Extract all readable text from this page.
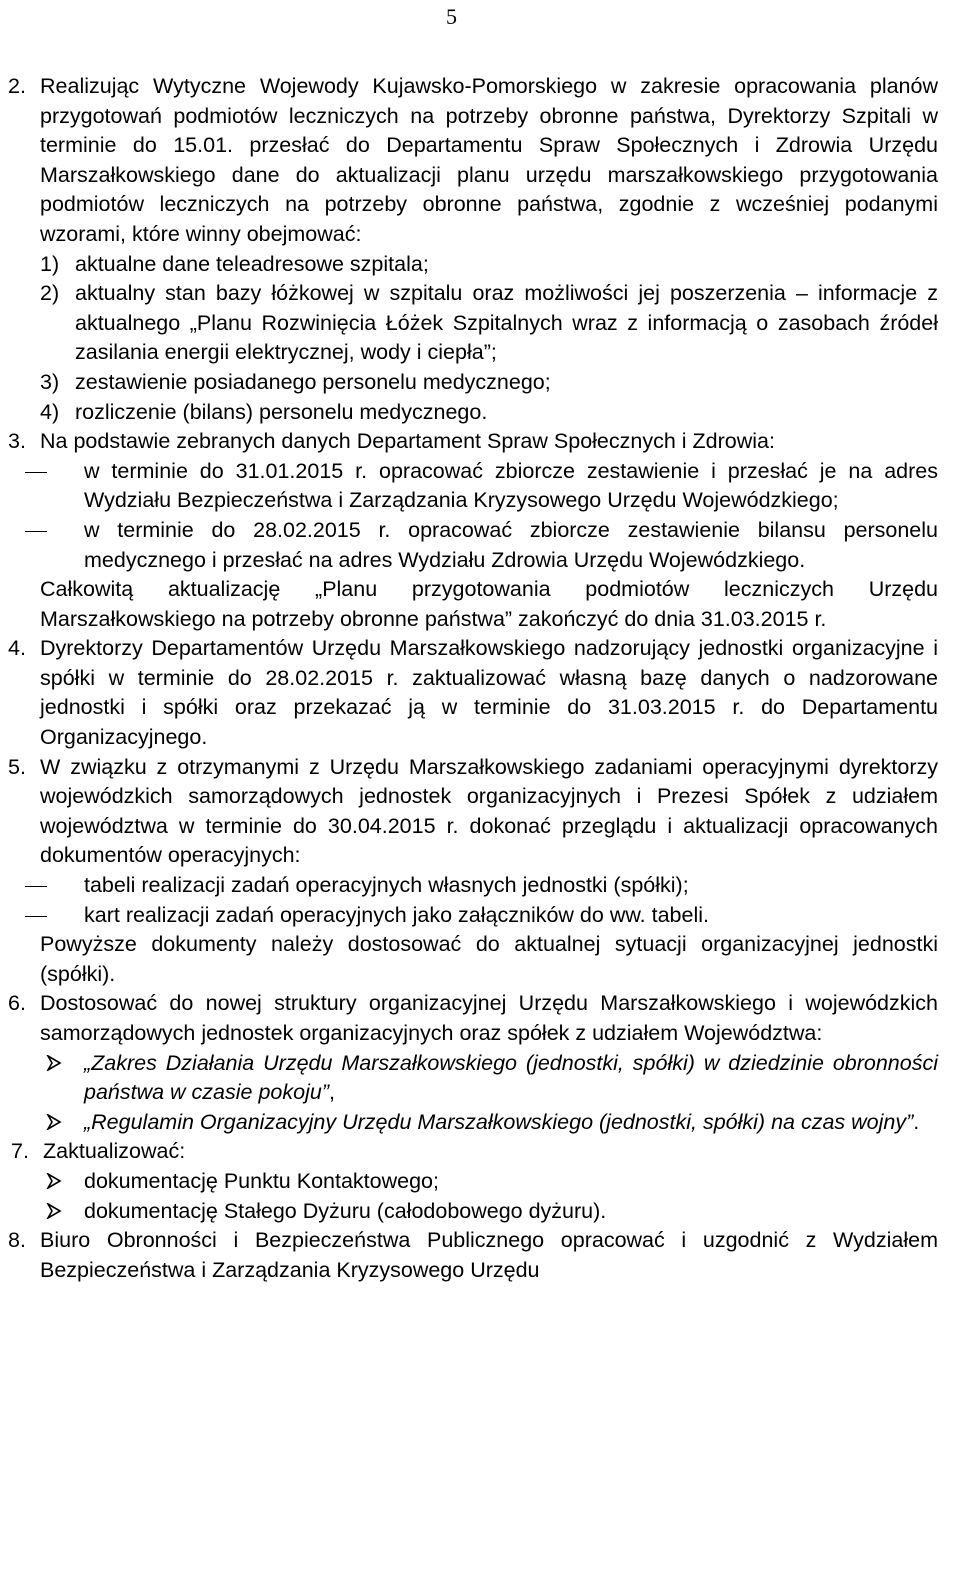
5
2. Realizując Wytyczne Wojewody Kujawsko-Pomorskiego w zakresie opracowania planów przygotowań podmiotów leczniczych na potrzeby obronne państwa, Dyrektorzy Szpitali w terminie do 15.01. przesłać do Departamentu Spraw Społecznych i Zdrowia Urzędu Marszałkowskiego dane do aktualizacji planu urzędu marszałkowskiego przygotowania podmiotów leczniczych na potrzeby obronne państwa, zgodnie z wcześniej podanymi wzorami, które winny obejmować:
1) aktualne dane teleadresowe szpitala;
2) aktualny stan bazy łóżkowej w szpitalu oraz możliwości jej poszerzenia – informacje z aktualnego „Planu Rozwinięcia Łóżek Szpitalnych wraz z informacją o zasobach źródeł zasilania energii elektrycznej, wody i ciepła”;
3) zestawienie posiadanego personelu medycznego;
4) rozliczenie (bilans) personelu medycznego.
3. Na podstawie zebranych danych Departament Spraw Społecznych i Zdrowia:
w terminie do 31.01.2015 r. opracować zbiorcze zestawienie i przesłać je na adres Wydziału Bezpieczeństwa i Zarządzania Kryzysowego Urzędu Wojewódzkiego;
w terminie do 28.02.2015 r. opracować zbiorcze zestawienie bilansu personelu medycznego i przesłać na adres Wydziału Zdrowia Urzędu Wojewódzkiego.
Całkowitą aktualizację „Planu przygotowania podmiotów leczniczych Urzędu Marszałkowskiego na potrzeby obronne państwa” zakończyć do dnia 31.03.2015 r.
4. Dyrektorzy Departamentów Urzędu Marszałkowskiego nadzorujący jednostki organizacyjne i spółki w terminie do 28.02.2015 r. zaktualizować własną bazę danych o nadzorowane jednostki i spółki oraz przekazać ją w terminie do 31.03.2015 r. do Departamentu Organizacyjnego.
5. W związku z otrzymanymi z Urzędu Marszałkowskiego zadaniami operacyjnymi dyrektorzy wojewódzkich samorządowych jednostek organizacyjnych i Prezesi Spółek z udziałem województwa w terminie do 30.04.2015 r. dokonać przeglądu i aktualizacji opracowanych dokumentów operacyjnych:
tabeli realizacji zadań operacyjnych własnych jednostki (spółki);
kart realizacji zadań operacyjnych jako załączników do ww. tabeli.
Powyższe dokumenty należy dostosować do aktualnej sytuacji organizacyjnej jednostki (spółki).
6. Dostosować do nowej struktury organizacyjnej Urzędu Marszałkowskiego i wojewódzkich samorządowych jednostek organizacyjnych oraz spółek z udziałem Województwa:
„Zakres Działania Urzędu Marszałkowskiego (jednostki, spółki) w dziedzinie obronności państwa w czasie pokoju”,
„Regulamin Organizacyjny Urzędu Marszałkowskiego (jednostki, spółki) na czas wojny”.
7. Zaktualizować:
dokumentację Punktu Kontaktowego;
dokumentację Stałego Dyżuru (całodobowego dyżuru).
8. Biuro Obronności i Bezpieczeństwa Publicznego opracować i uzgodnić z Wydziałem Bezpieczeństwa i Zarządzania Kryzysowego Urzędu
